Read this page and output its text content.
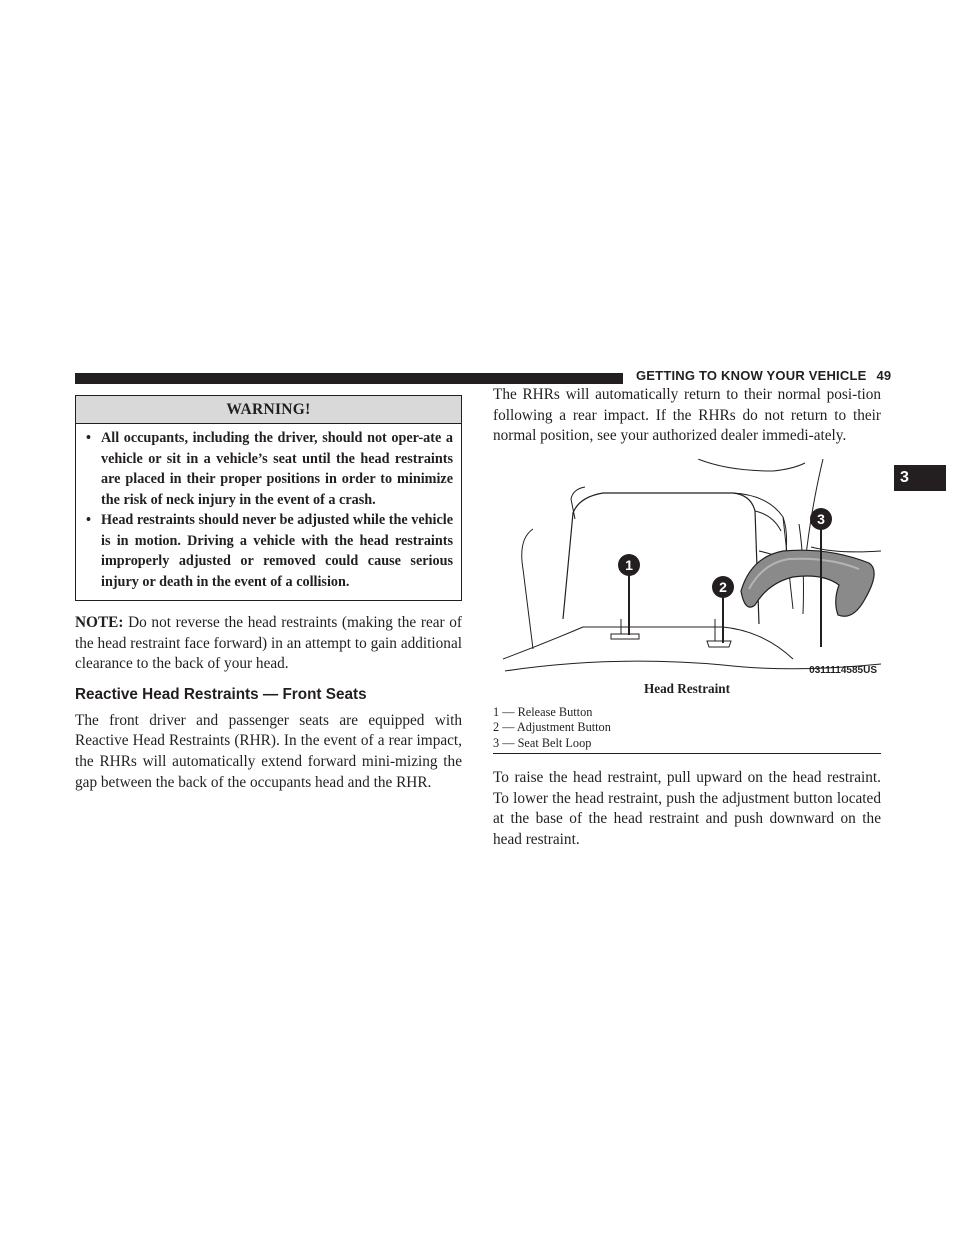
GETTING TO KNOW YOUR VEHICLE 49
3
WARNING!
• All occupants, including the driver, should not oper-ate a vehicle or sit in a vehicle’s seat until the head restraints are placed in their proper positions in order to minimize the risk of neck injury in the event of a crash.
• Head restraints should never be adjusted while the vehicle is in motion. Driving a vehicle with the head restraints improperly adjusted or removed could cause serious injury or death in the event of a collision.

NOTE: Do not reverse the head restraints (making the rear of the head restraint face forward) in an attempt to gain additional clearance to the back of your head.

Reactive Head Restraints — Front Seats

The front driver and passenger seats are equipped with Reactive Head Restraints (RHR). In the event of a rear impact, the RHRs will automatically extend forward mini-mizing the gap between the back of the occupants head and the RHR.

The RHRs will automatically return to their normal posi-tion following a rear impact. If the RHRs do not return to their normal position, see your authorized dealer immedi-ately.

1
2
3
0311114585US
Head Restraint
1 — Release Button
2 — Adjustment Button
3 — Seat Belt Loop

To raise the head restraint, pull upward on the head restraint. To lower the head restraint, push the adjustment button located at the base of the head restraint and push downward on the head restraint.
